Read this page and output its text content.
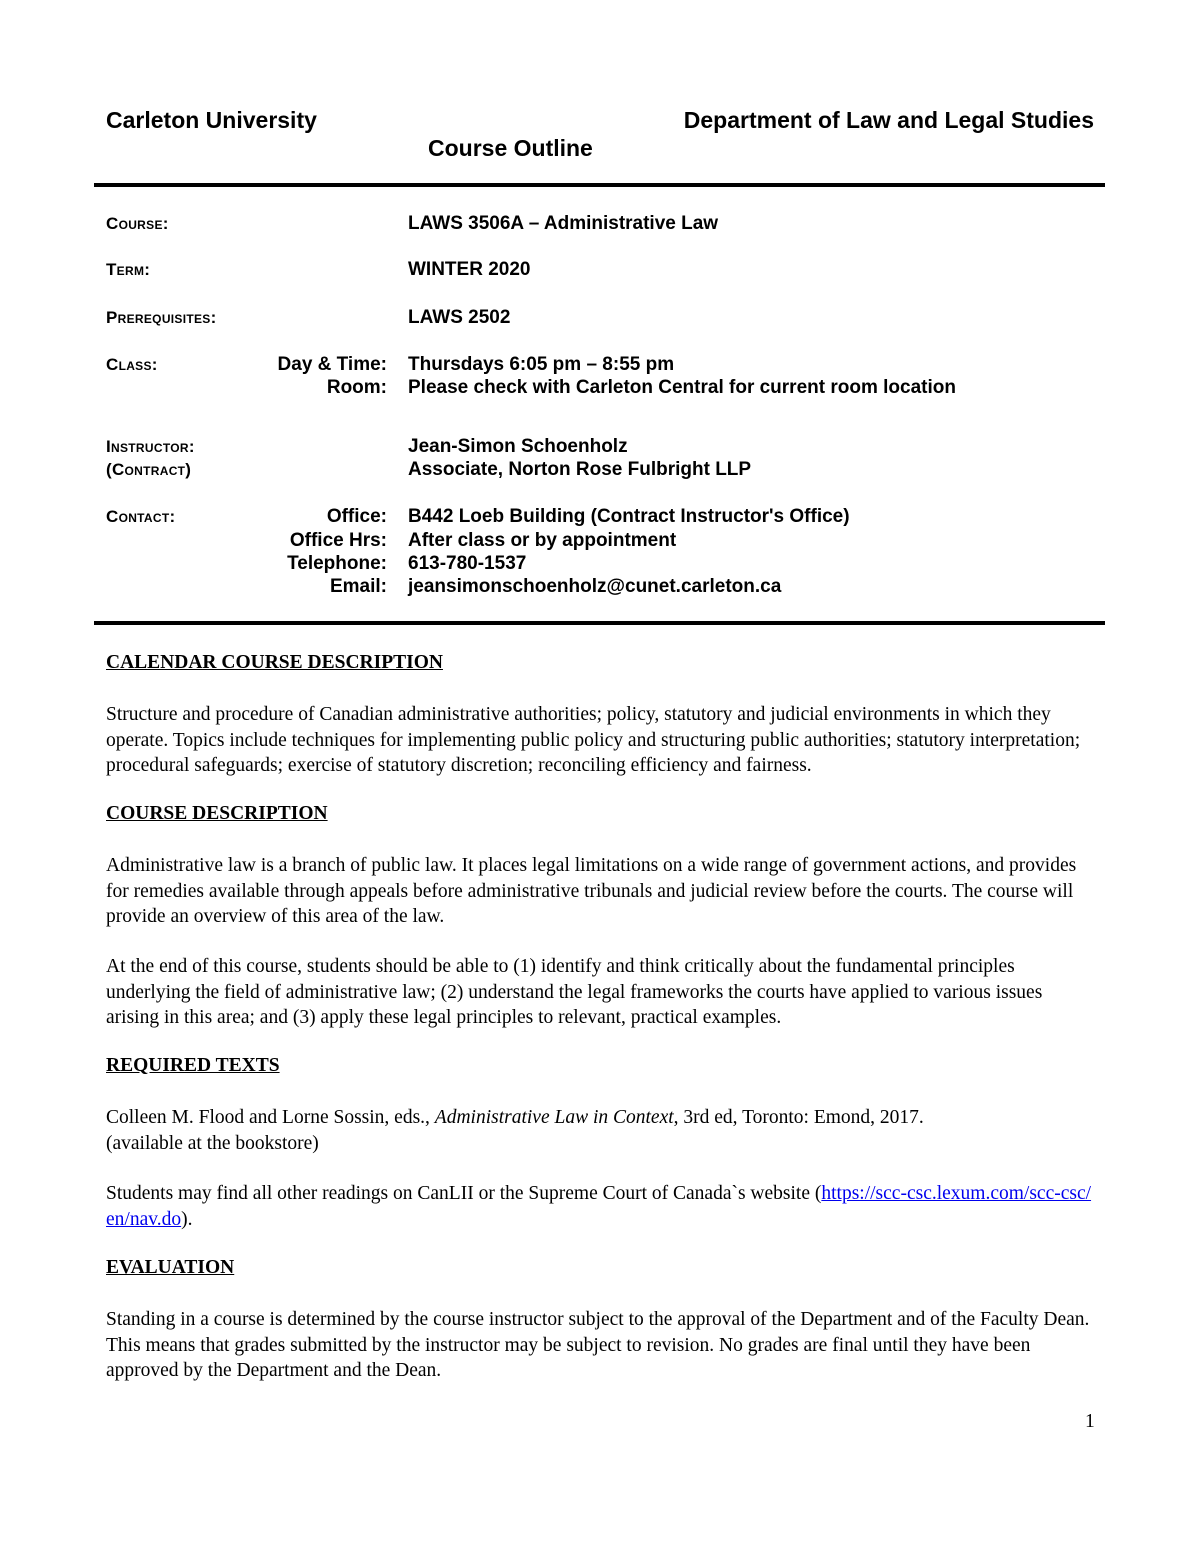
Carleton University	Department of Law and Legal Studies
Course Outline
Course:	LAWS 3506A – Administrative Law
Term:	WINTER 2020
Prerequisites:	LAWS 2502
Class:	Day & Time: Thursdays 6:05 pm – 8:55 pm
Room: Please check with Carleton Central for current room location
Instructor:	Jean-Simon Schoenholz
(Contract)	Associate, Norton Rose Fulbright LLP
Contact:	Office: B442 Loeb Building (Contract Instructor's Office)
Office Hrs: After class or by appointment
Telephone: 613-780-1537
Email: jeansimonschoenholz@cunet.carleton.ca
CALENDAR COURSE DESCRIPTION
Structure and procedure of Canadian administrative authorities; policy, statutory and judicial environments in which they operate. Topics include techniques for implementing public policy and structuring public authorities; statutory interpretation; procedural safeguards; exercise of statutory discretion; reconciling efficiency and fairness.
COURSE DESCRIPTION
Administrative law is a branch of public law. It places legal limitations on a wide range of government actions, and provides for remedies available through appeals before administrative tribunals and judicial review before the courts. The course will provide an overview of this area of the law.
At the end of this course, students should be able to (1) identify and think critically about the fundamental principles underlying the field of administrative law; (2) understand the legal frameworks the courts have applied to various issues arising in this area; and (3) apply these legal principles to relevant, practical examples.
REQUIRED TEXTS
Colleen M. Flood and Lorne Sossin, eds., Administrative Law in Context, 3rd ed, Toronto: Emond, 2017.
(available at the bookstore)
Students may find all other readings on CanLII or the Supreme Court of Canada`s website (https://scc-csc.lexum.com/scc-csc/en/nav.do).
EVALUATION
Standing in a course is determined by the course instructor subject to the approval of the Department and of the Faculty Dean. This means that grades submitted by the instructor may be subject to revision. No grades are final until they have been approved by the Department and the Dean.
1
